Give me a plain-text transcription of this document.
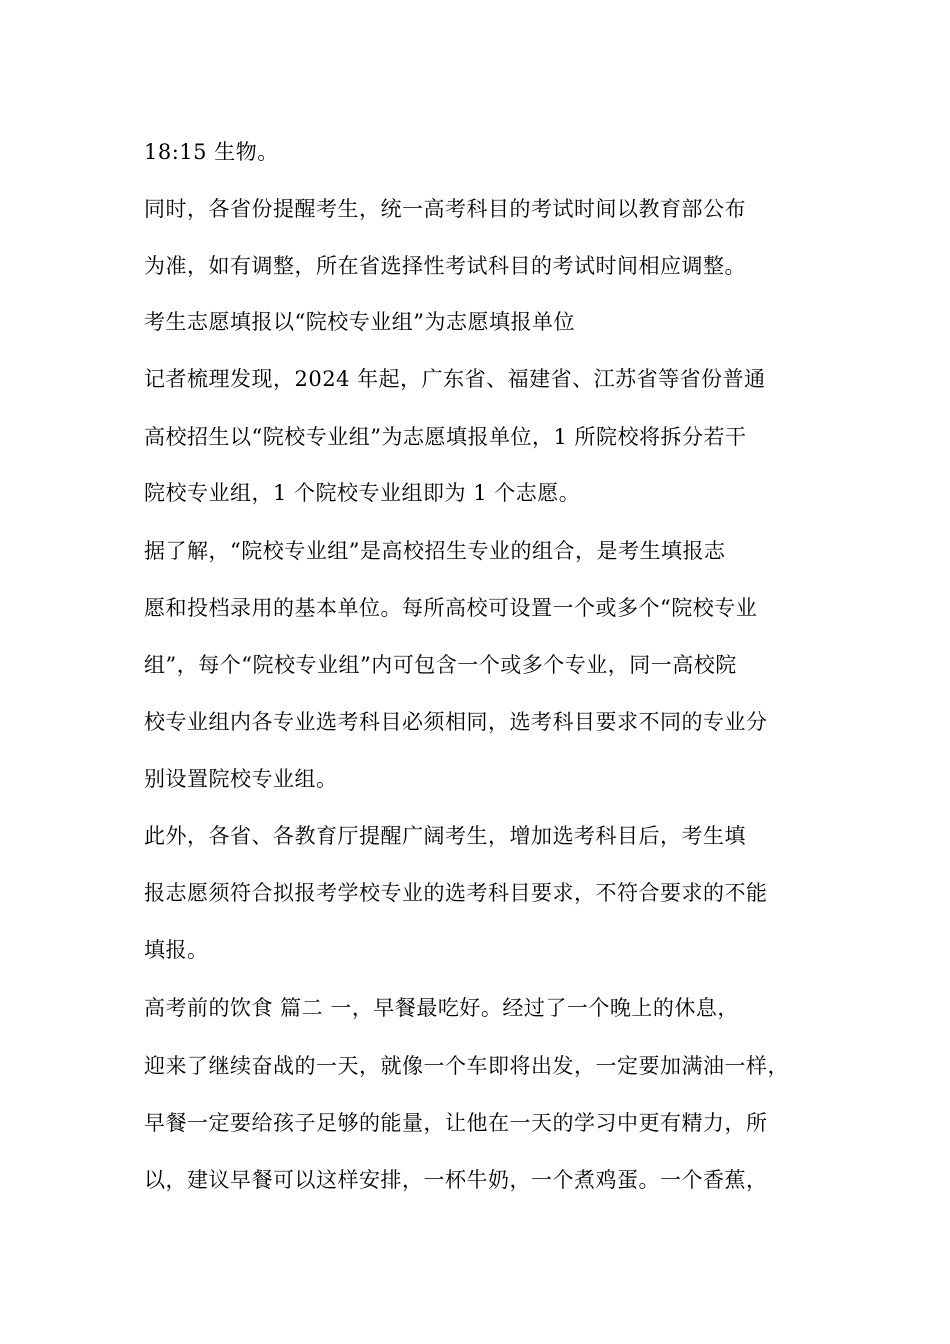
18:15 生物。
同时，各省份提醒考生，统一高考科目的考试时间以教育部公布
为准，如有调整，所在省选择性考试科目的考试时间相应调整。
考生志愿填报以“院校专业组”为志愿填报单位
记者梳理发现，2024 年起，广东省、福建省、江苏省等省份普通
高校招生以“院校专业组”为志愿填报单位，1 所院校将拆分若干
院校专业组，1 个院校专业组即为 1 个志愿。
据了解，“院校专业组”是高校招生专业的组合，是考生填报志
愿和投档录用的基本单位。每所高校可设置一个或多个“院校专业
组”，每个“院校专业组”内可包含一个或多个专业，同一高校院
校专业组内各专业选考科目必须相同，选考科目要求不同的专业分
别设置院校专业组。
此外，各省、各教育厅提醒广阔考生，增加选考科目后，考生填
报志愿须符合拟报考学校专业的选考科目要求，不符合要求的不能
填报。
高考前的饮食 篇二 一，早餐最吃好。经过了一个晚上的休息，
迎来了继续奋战的一天，就像一个车即将出发，一定要加满油一样，
早餐一定要给孩子足够的能量，让他在一天的学习中更有精力，所
以，建议早餐可以这样安排，一杯牛奶，一个煮鸡蛋。一个香蕉，
